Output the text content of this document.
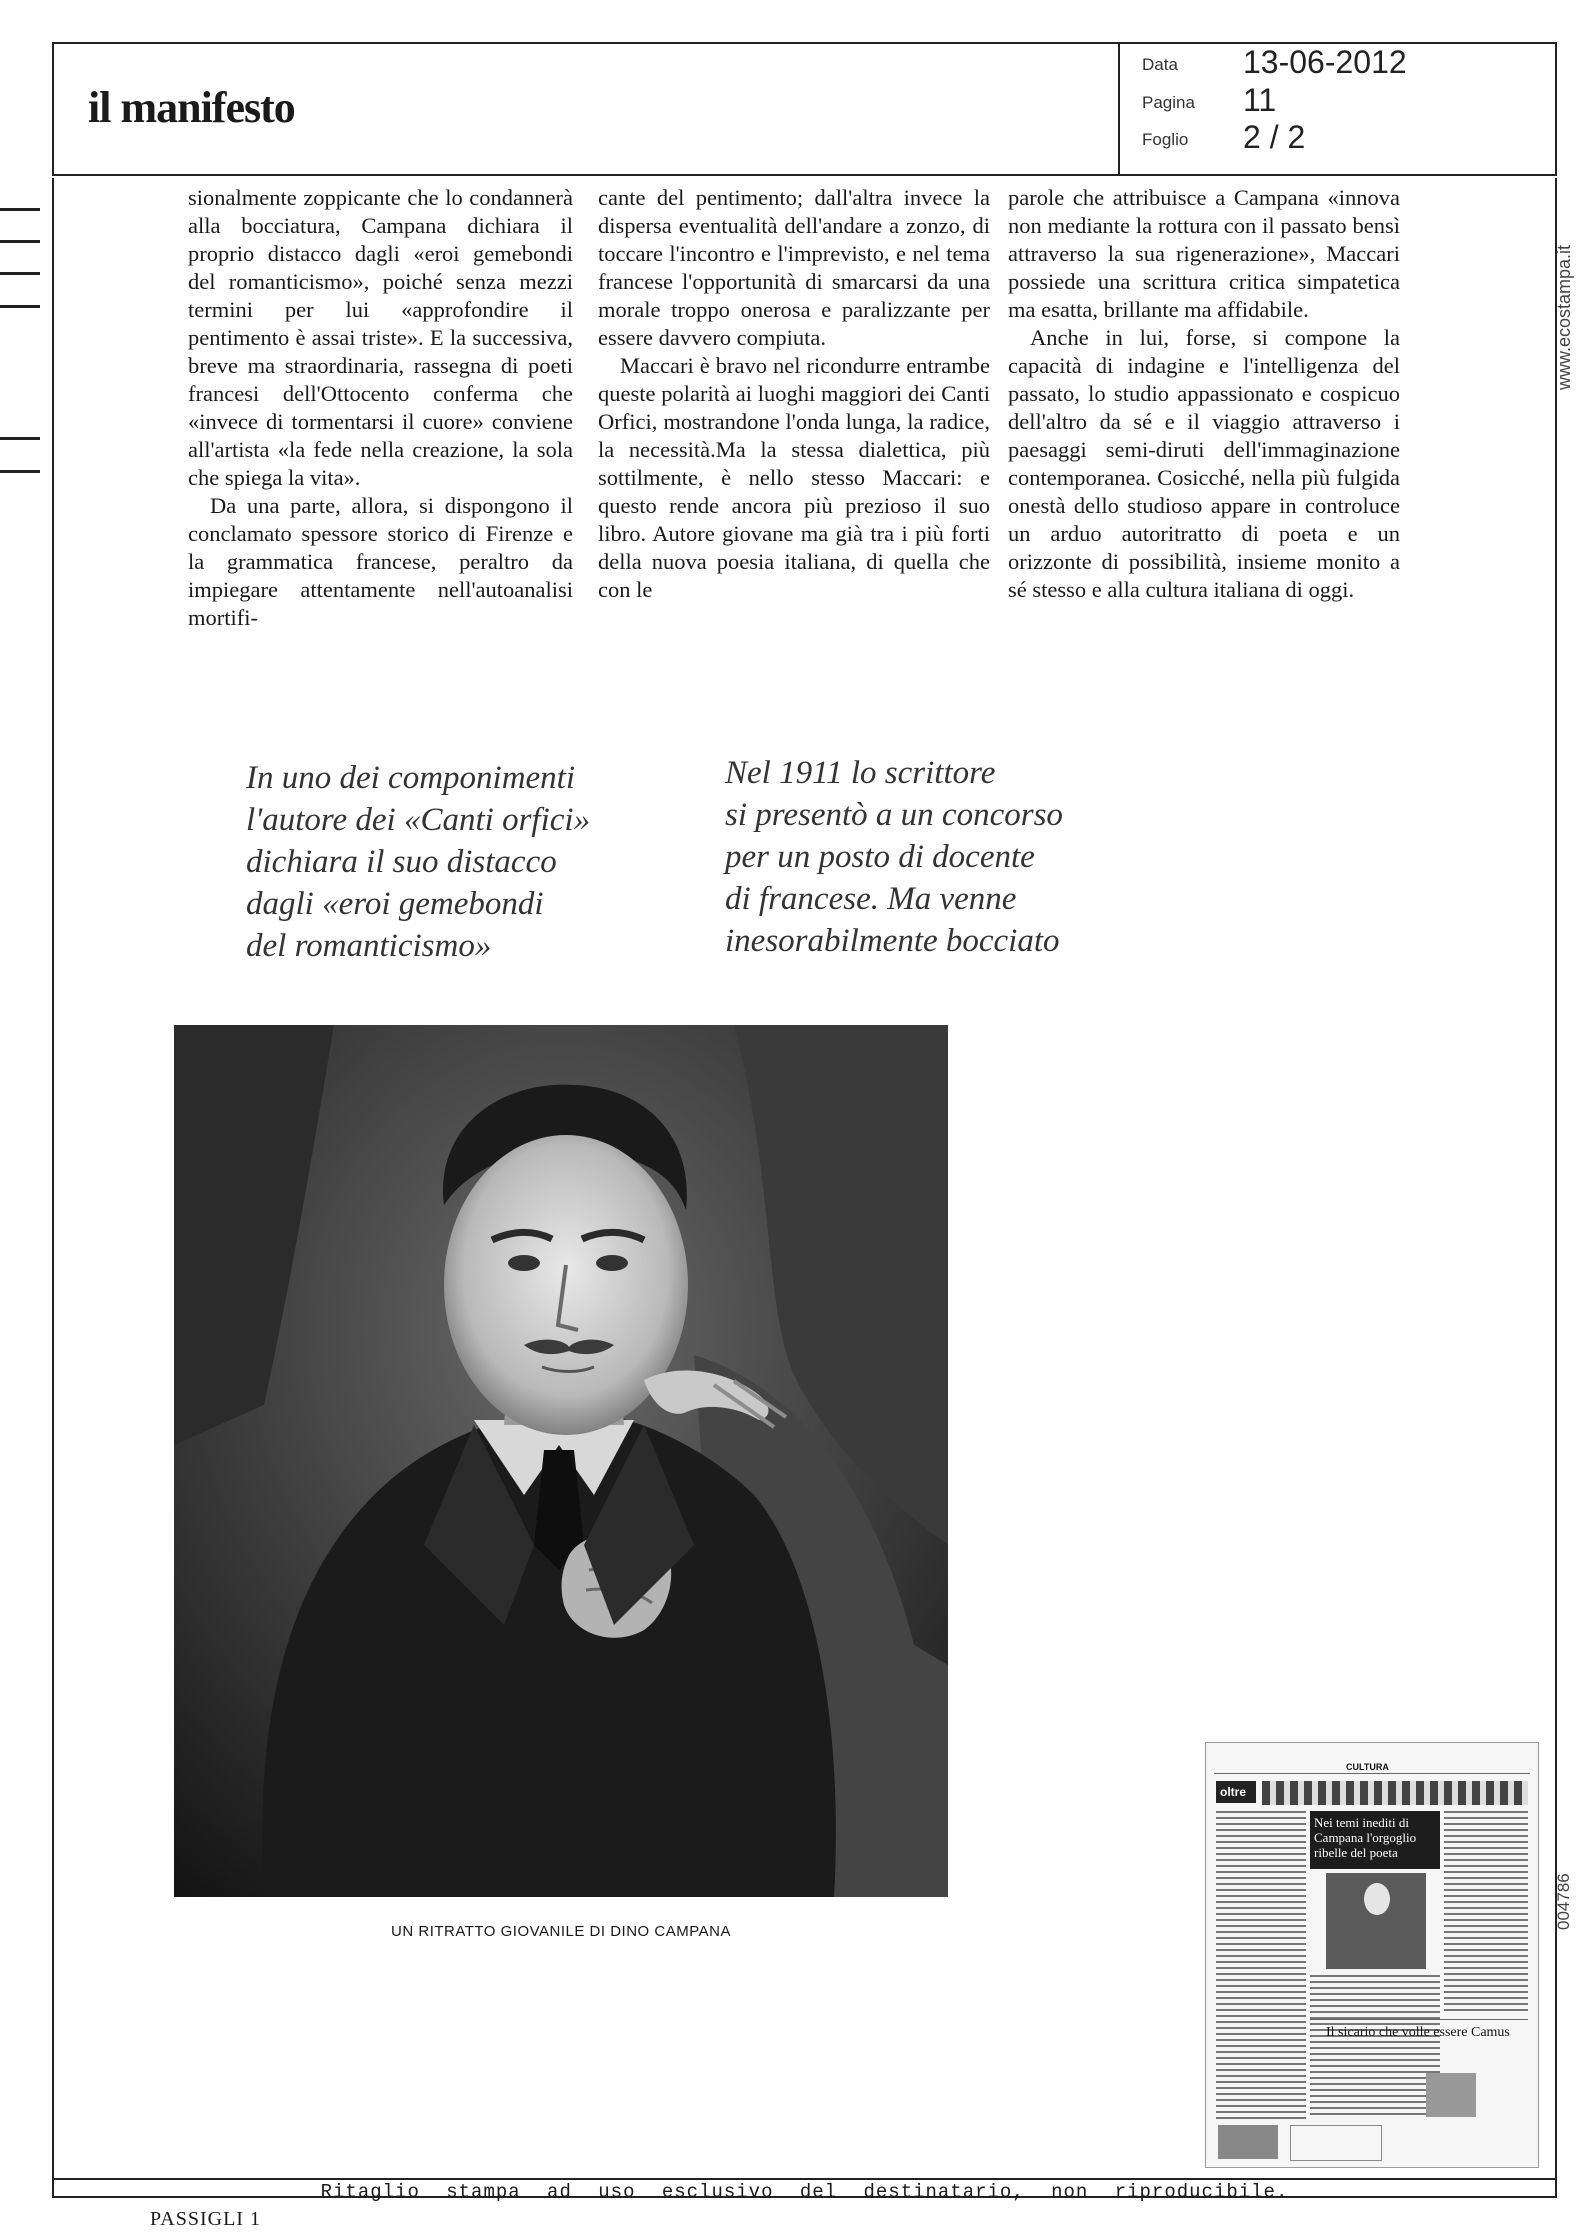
il manifesto
Data 13-06-2012
Pagina 11
Foglio 2 / 2
www.ecostampa.it
004786

sionalmente zoppicante che lo condannerà alla bocciatura, Campana dichiara il proprio distacco dagli «eroi gemebondi del romanticismo», poiché senza mezzi termini per lui «approfondire il pentimento è assai triste». E la successiva, breve ma straordinaria, rassegna di poeti francesi dell'Ottocento conferma che «invece di tormentarsi il cuore» conviene all'artista «la fede nella creazione, la sola che spiega la vita».

Da una parte, allora, si dispongono il conclamato spessore storico di Firenze e la grammatica francese, peraltro da impiegare attentamente nell'autoanalisi mortifi-

cante del pentimento; dall'altra invece la dispersa eventualità dell'andare a zonzo, di toccare l'incontro e l'imprevisto, e nel tema francese l'opportunità di smarcarsi da una morale troppo onerosa e paralizzante per essere davvero compiuta.

Maccari è bravo nel ricondurre entrambe queste polarità ai luoghi maggiori dei Canti Orfici, mostrandone l'onda lunga, la radice, la necessità.Ma la stessa dialettica, più sottilmente, è nello stesso Maccari: e questo rende ancora più prezioso il suo libro. Autore giovane ma già tra i più forti della nuova poesia italiana, di quella che con le

parole che attribuisce a Campana «innova non mediante la rottura con il passato bensì attraverso la sua rigenerazione», Maccari possiede una scrittura critica simpatetica ma esatta, brillante ma affidabile.

Anche in lui, forse, si compone la capacità di indagine e l'intelligenza del passato, lo studio appassionato e cospicuo dell'altro da sé e il viaggio attraverso i paesaggi semi-diruti dell'immaginazione contemporanea. Cosicché, nella più fulgida onestà dello studioso appare in controluce un arduo autoritratto di poeta e un orizzonte di possibilità, insieme monito a sé stesso e alla cultura italiana di oggi.

In uno dei componimenti
l'autore dei «Canti orfici»
dichiara il suo distacco
dagli «eroi gemebondi
del romanticismo»
Nel 1911 lo scrittore
si presentò a un concorso
per un posto di docente
di francese. Ma venne
inesorabilmente bocciato
UN RITRATTO GIOVANILE DI DINO CAMPANA
CULTURA
oltre
Nei temi inediti di Campana l'orgoglio ribelle del poeta
Il sicario che volle essere Camus
Ritaglio stampa ad uso esclusivo del destinatario, non riproducibile.
PASSIGLI 1
